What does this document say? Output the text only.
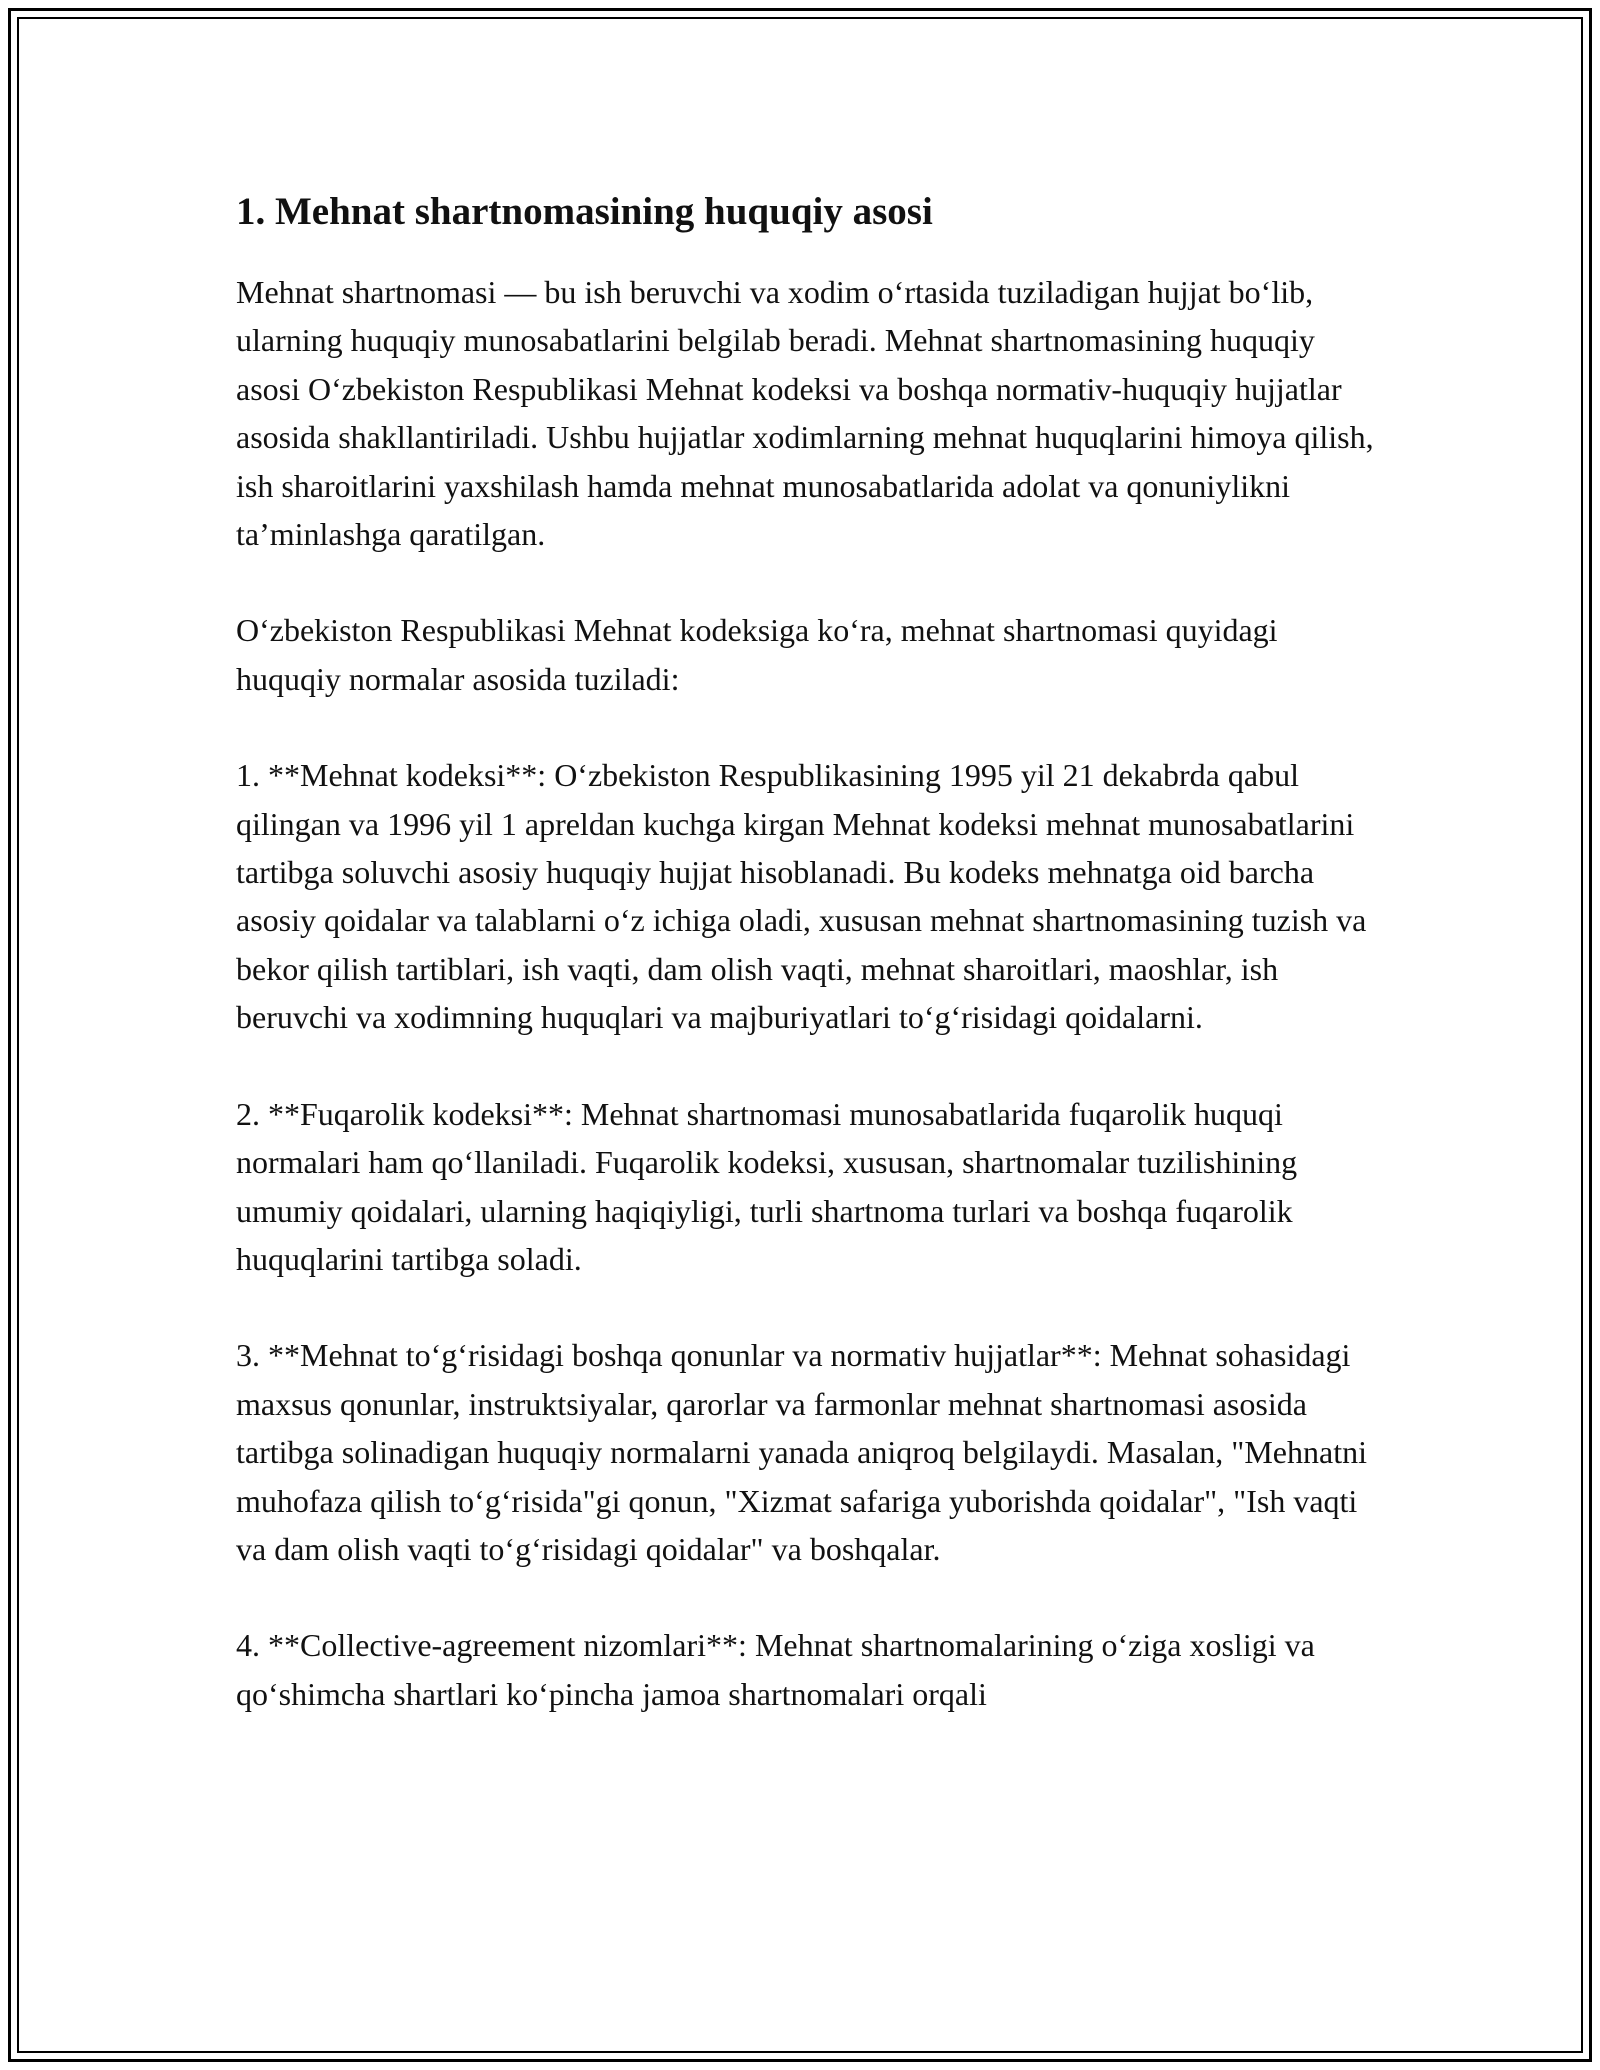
1. Mehnat shartnomasining huquqiy asosi

Mehnat shartnomasi — bu ish beruvchi va xodim o‘rtasida tuziladigan hujjat bo‘lib, ularning huquqiy munosabatlarini belgilab beradi. Mehnat shartnomasining huquqiy asosi O‘zbekiston Respublikasi Mehnat kodeksi va boshqa normativ-huquqiy hujjatlar asosida shakllantiriladi. Ushbu hujjatlar xodimlarning mehnat huquqlarini himoya qilish, ish sharoitlarini yaxshilash hamda mehnat munosabatlarida adolat va qonuniylikni ta’minlashga qaratilgan.

O‘zbekiston Respublikasi Mehnat kodeksiga ko‘ra, mehnat shartnomasi quyidagi huquqiy normalar asosida tuziladi:

1. **Mehnat kodeksi**: O‘zbekiston Respublikasining 1995 yil 21 dekabrda qabul qilingan va 1996 yil 1 apreldan kuchga kirgan Mehnat kodeksi mehnat munosabatlarini tartibga soluvchi asosiy huquqiy hujjat hisoblanadi. Bu kodeks mehnatga oid barcha asosiy qoidalar va talablarni o‘z ichiga oladi, xususan mehnat shartnomasining tuzish va bekor qilish tartiblari, ish vaqti, dam olish vaqti, mehnat sharoitlari, maoshlar, ish beruvchi va xodimning huquqlari va majburiyatlari to‘g‘risidagi qoidalarni.

2. **Fuqarolik kodeksi**: Mehnat shartnomasi munosabatlarida fuqarolik huquqi normalari ham qo‘llaniladi. Fuqarolik kodeksi, xususan, shartnomalar tuzilishining umumiy qoidalari, ularning haqiqiyligi, turli shartnoma turlari va boshqa fuqarolik huquqlarini tartibga soladi.

3. **Mehnat to‘g‘risidagi boshqa qonunlar va normativ hujjatlar**: Mehnat sohasidagi maxsus qonunlar, instruktsiyalar, qarorlar va farmonlar mehnat shartnomasi asosida tartibga solinadigan huquqiy normalarni yanada aniqroq belgilaydi. Masalan, "Mehnatni muhofaza qilish to‘g‘risida"gi qonun, "Xizmat safariga yuborishda qoidalar", "Ish vaqti va dam olish vaqti to‘g‘risidagi qoidalar" va boshqalar.

4. **Collective-agreement nizomlari**: Mehnat shartnomalarining o‘ziga xosligi va qo‘shimcha shartlari ko‘pincha jamoa shartnomalari orqali
